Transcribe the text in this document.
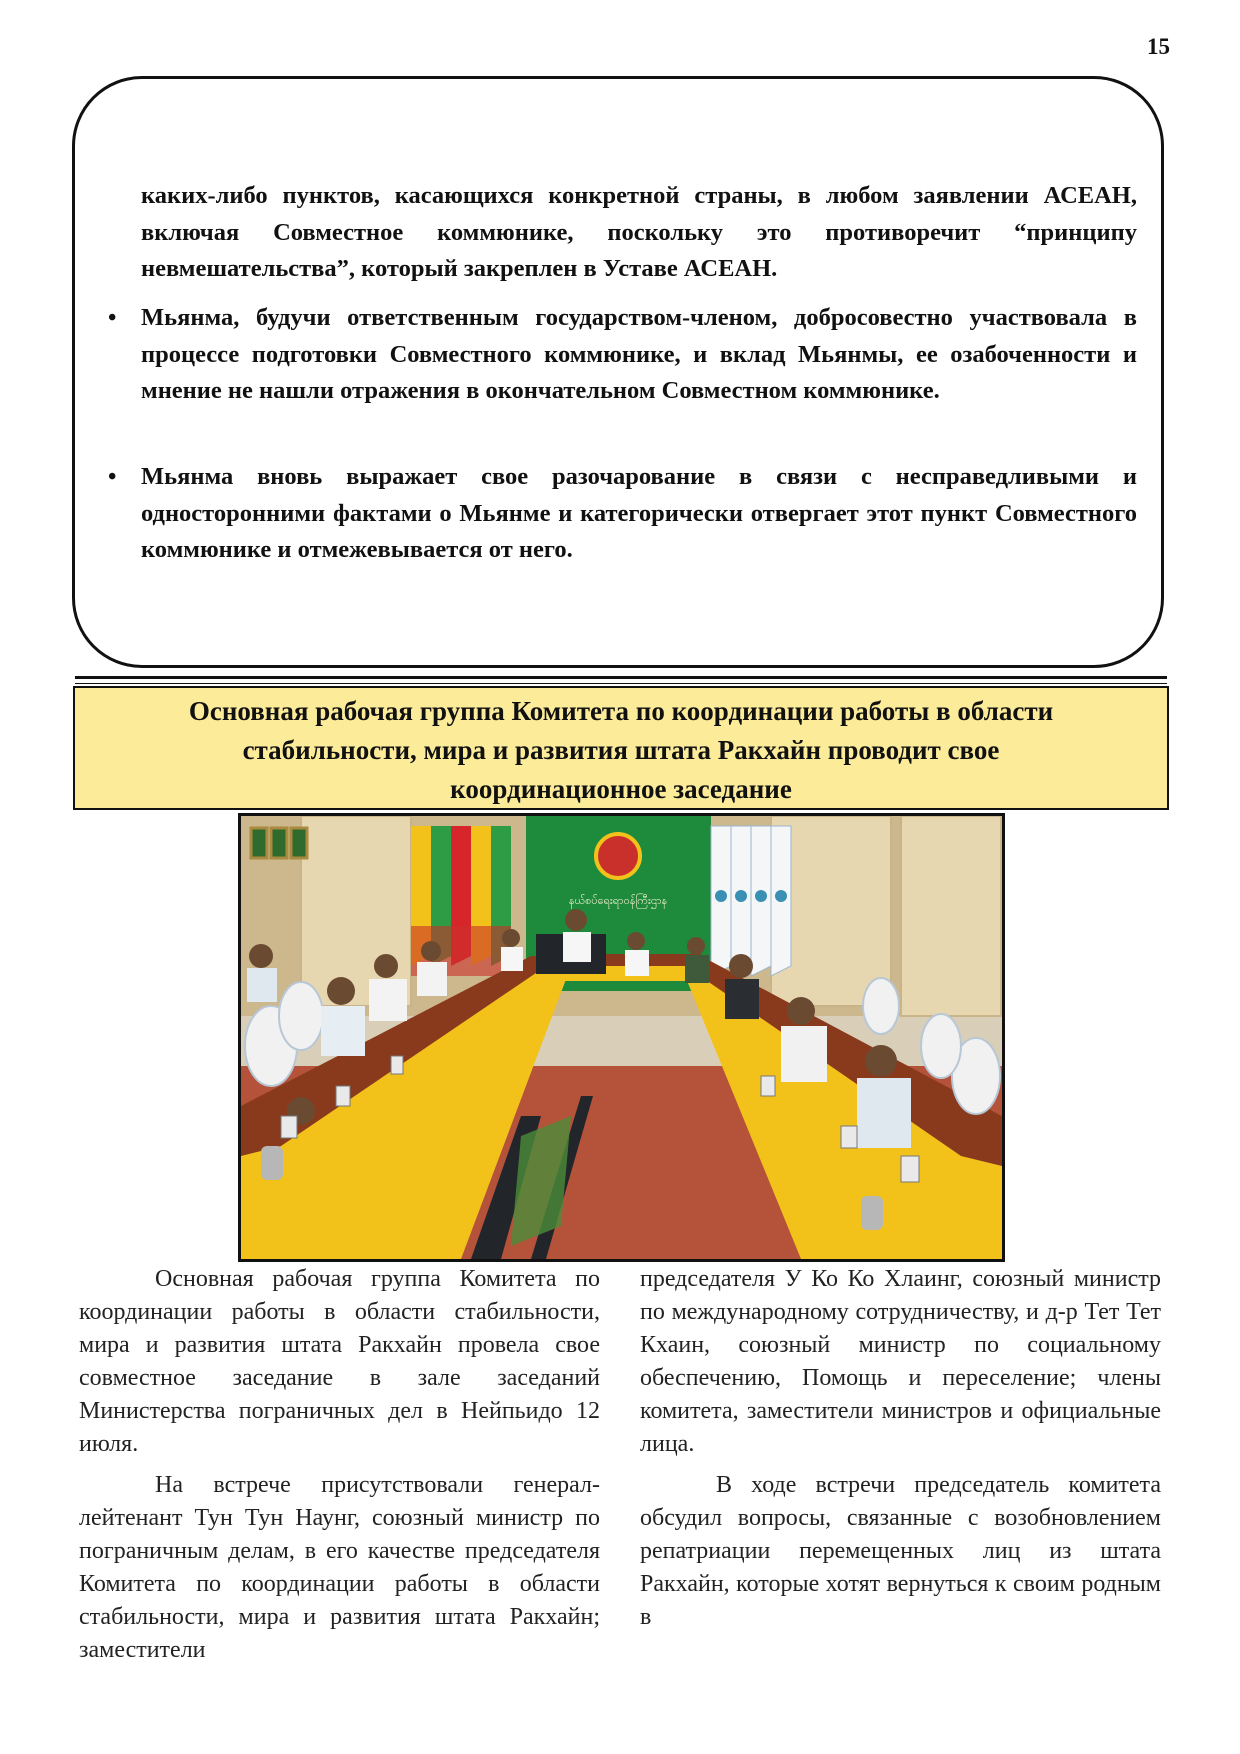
15
каких-либо пунктов, касающихся конкретной страны, в любом заявлении АСЕАН, включая Совместное коммюнике, поскольку это противоречит “принципу невмешательства”, который закреплен в Уставе АСЕАН.
• Мьянма, будучи ответственным государством-членом, добросовестно участвовала в процессе подготовки Совместного коммюнике, и вклад Мьянмы, ее озабоченности и мнение не нашли отражения в окончательном Совместном коммюнике.
• Мьянма вновь выражает свое разочарование в связи с несправедливыми и односторонними фактами о Мьянме и категорически отвергает этот пункт Совместного коммюнике и отмежевывается от него.
Основная рабочая группа Комитета по координации работы в области
стабильности, мира и развития штата Ракхайн проводит свое
координационное заседание
နယ်စပ်ရေးရာဝန်ကြီးဌာန

Основная рабочая группа Комитета по координации работы в области стабильности, мира и развития штата Ракхайн провела свое совместное заседание в зале заседаний Министерства пограничных дел в Нейпьидо 12 июля.

На встрече присутствовали генерал-лейтенант Тун Тун Наунг, союзный министр по пограничным делам, в его качестве председателя Комитета по координации работы в области стабильности, мира и развития штата Ракхайн; заместители

председателя У Ко Ко Хлаинг, союзный министр по международному сотрудничеству, и д-р Тет Тет Кхаин, союзный министр по социальному обеспечению, Помощь и переселение; члены комитета, заместители министров и официальные лица.

В ходе встречи председатель комитета обсудил вопросы, связанные с возобновлением репатриации перемещенных лиц из штата Ракхайн, которые хотят вернуться к своим родным в
